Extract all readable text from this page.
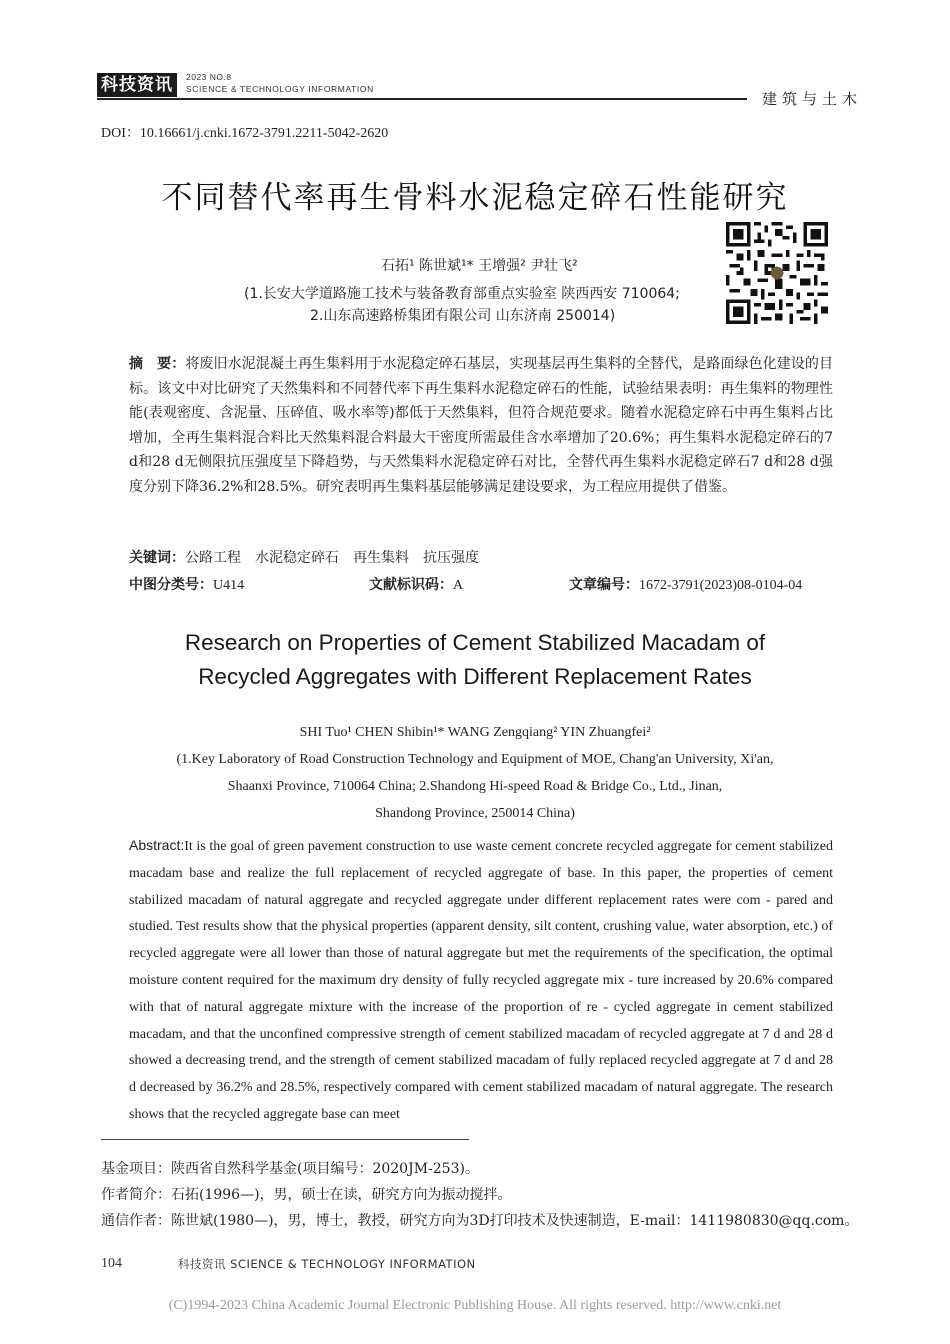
科技资讯	2023 NO.8
SCIENCE & TECHNOLOGY INFORMATION
建筑与土木
DOI：10.16661/j.cnki.1672-3791.2211-5042-2620
不同替代率再生骨料水泥稳定碎石性能研究
石拓¹ 陈世斌¹* 王增强² 尹壮飞²
(1.长安大学道路施工技术与装备教育部重点实验室 陕西西安 710064;
2.山东高速路桥集团有限公司 山东济南 250014)
摘　要：将废旧水泥混凝土再生集料用于水泥稳定碎石基层，实现基层再生集料的全替代，是路面绿色化建设的目标。该文中对比研究了天然集料和不同替代率下再生集料水泥稳定碎石的性能，试验结果表明：再生集料的物理性能(表观密度、含泥量、压碎值、吸水率等)都低于天然集料，但符合规范要求。随着水泥稳定碎石中再生集料占比增加，全再生集料混合料比天然集料混合料最大干密度所需最佳含水率增加了20.6%；再生集料水泥稳定碎石的7 d和28 d无侧限抗压强度呈下降趋势，与天然集料水泥稳定碎石对比，全替代再生集料水泥稳定碎石7 d和28 d强度分别下降36.2%和28.5%。研究表明再生集料基层能够满足建设要求，为工程应用提供了借鉴。
关键词：公路工程　水泥稳定碎石　再生集料　抗压强度
中图分类号：U414	文献标识码：A	文章编号：1672-3791(2023)08-0104-04
Research on Properties of Cement Stabilized Macadam of
Recycled Aggregates with Different Replacement Rates
SHI Tuo¹ CHEN Shibin¹* WANG Zengqiang² YIN Zhuangfei²
(1.Key Laboratory of Road Construction Technology and Equipment of MOE, Chang'an University, Xi'an,
Shaanxi Province, 710064 China; 2.Shandong Hi-speed Road & Bridge Co., Ltd., Jinan,
Shandong Province, 250014 China)
Abstract:It is the goal of green pavement construction to use waste cement concrete recycled aggregate for cement stabilized macadam base and realize the full replacement of recycled aggregate of base. In this paper, the properties of cement stabilized macadam of natural aggregate and recycled aggregate under different replacement rates were com - pared and studied. Test results show that the physical properties (apparent density, silt content, crushing value, water absorption, etc.) of recycled aggregate were all lower than those of natural aggregate but met the requirements of the specification, the optimal moisture content required for the maximum dry density of fully recycled aggregate mix - ture increased by 20.6% compared with that of natural aggregate mixture with the increase of the proportion of re - cycled aggregate in cement stabilized macadam, and that the unconfined compressive strength of cement stabilized macadam of recycled aggregate at 7 d and 28 d showed a decreasing trend, and the strength of cement stabilized macadam of fully replaced recycled aggregate at 7 d and 28 d decreased by 36.2% and 28.5%, respectively compared with cement stabilized macadam of natural aggregate. The research shows that the recycled aggregate base can meet
基金项目：陕西省自然科学基金(项目编号：2020JM-253)。
作者简介：石拓(1996—)，男，硕士在读，研究方向为振动搅拌。
通信作者：陈世斌(1980—)，男，博士，教授，研究方向为3D打印技术及快速制造，E-mail：1411980830@qq.com。
104	科技资讯 SCIENCE & TECHNOLOGY INFORMATION
(C)1994-2023 China Academic Journal Electronic Publishing House. All rights reserved. http://www.cnki.net
